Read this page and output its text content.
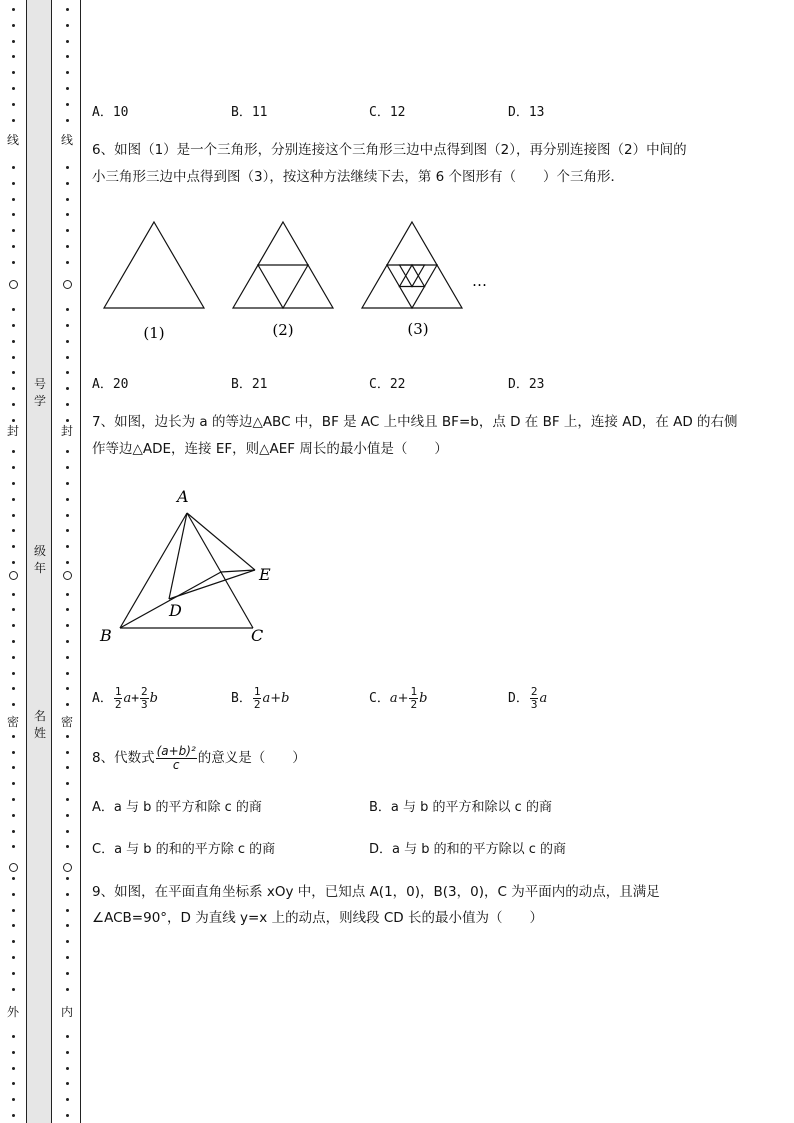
线
封
密
外
号学
级年
名姓
线
封
密
内
A．10	B．11	C．12	D．13
6、如图（1）是一个三角形，分别连接这个三角形三边中点得到图（2），再分别连接图（2）中间的
小三角形三边中点得到图（3），按这种方法继续下去，第 6 个图形有（　　）个三角形．
(1)	(2)	(3)
…
A．20	B．21	C．22	D．23
7、如图，边长为 a 的等边△ABC 中，BF 是 AC 上中线且 BF=b，点 D 在 BF 上，连接 AD，在 AD 的右侧
作等边△ADE，连接 EF，则△AEF 周长的最小值是（　　）
A
B	C
D
E
A． $\frac{1}{2} a+ \frac{2}{3}$ b	B． $\frac{1}{2} a+b$	C．$a+ \frac{1}{2}$ b	D． $\frac{2}{3}$ a
8、代数式 $\frac{\text{(a+b)²}}{c}$ 的意义是（　　）
A．a 与 b 的平方和除 c 的商	B．a 与 b 的平方和除以 c 的商
C．a 与 b 的和的平方除 c 的商	D．a 与 b 的和的平方除以 c 的商
9、如图，在平面直角坐标系 xOy 中，已知点 A(1，0)，B(3，0)，C 为平面内的动点，且满足
∠ACB=90°，D 为直线 y=x 上的动点，则线段 CD 长的最小值为（　　）
